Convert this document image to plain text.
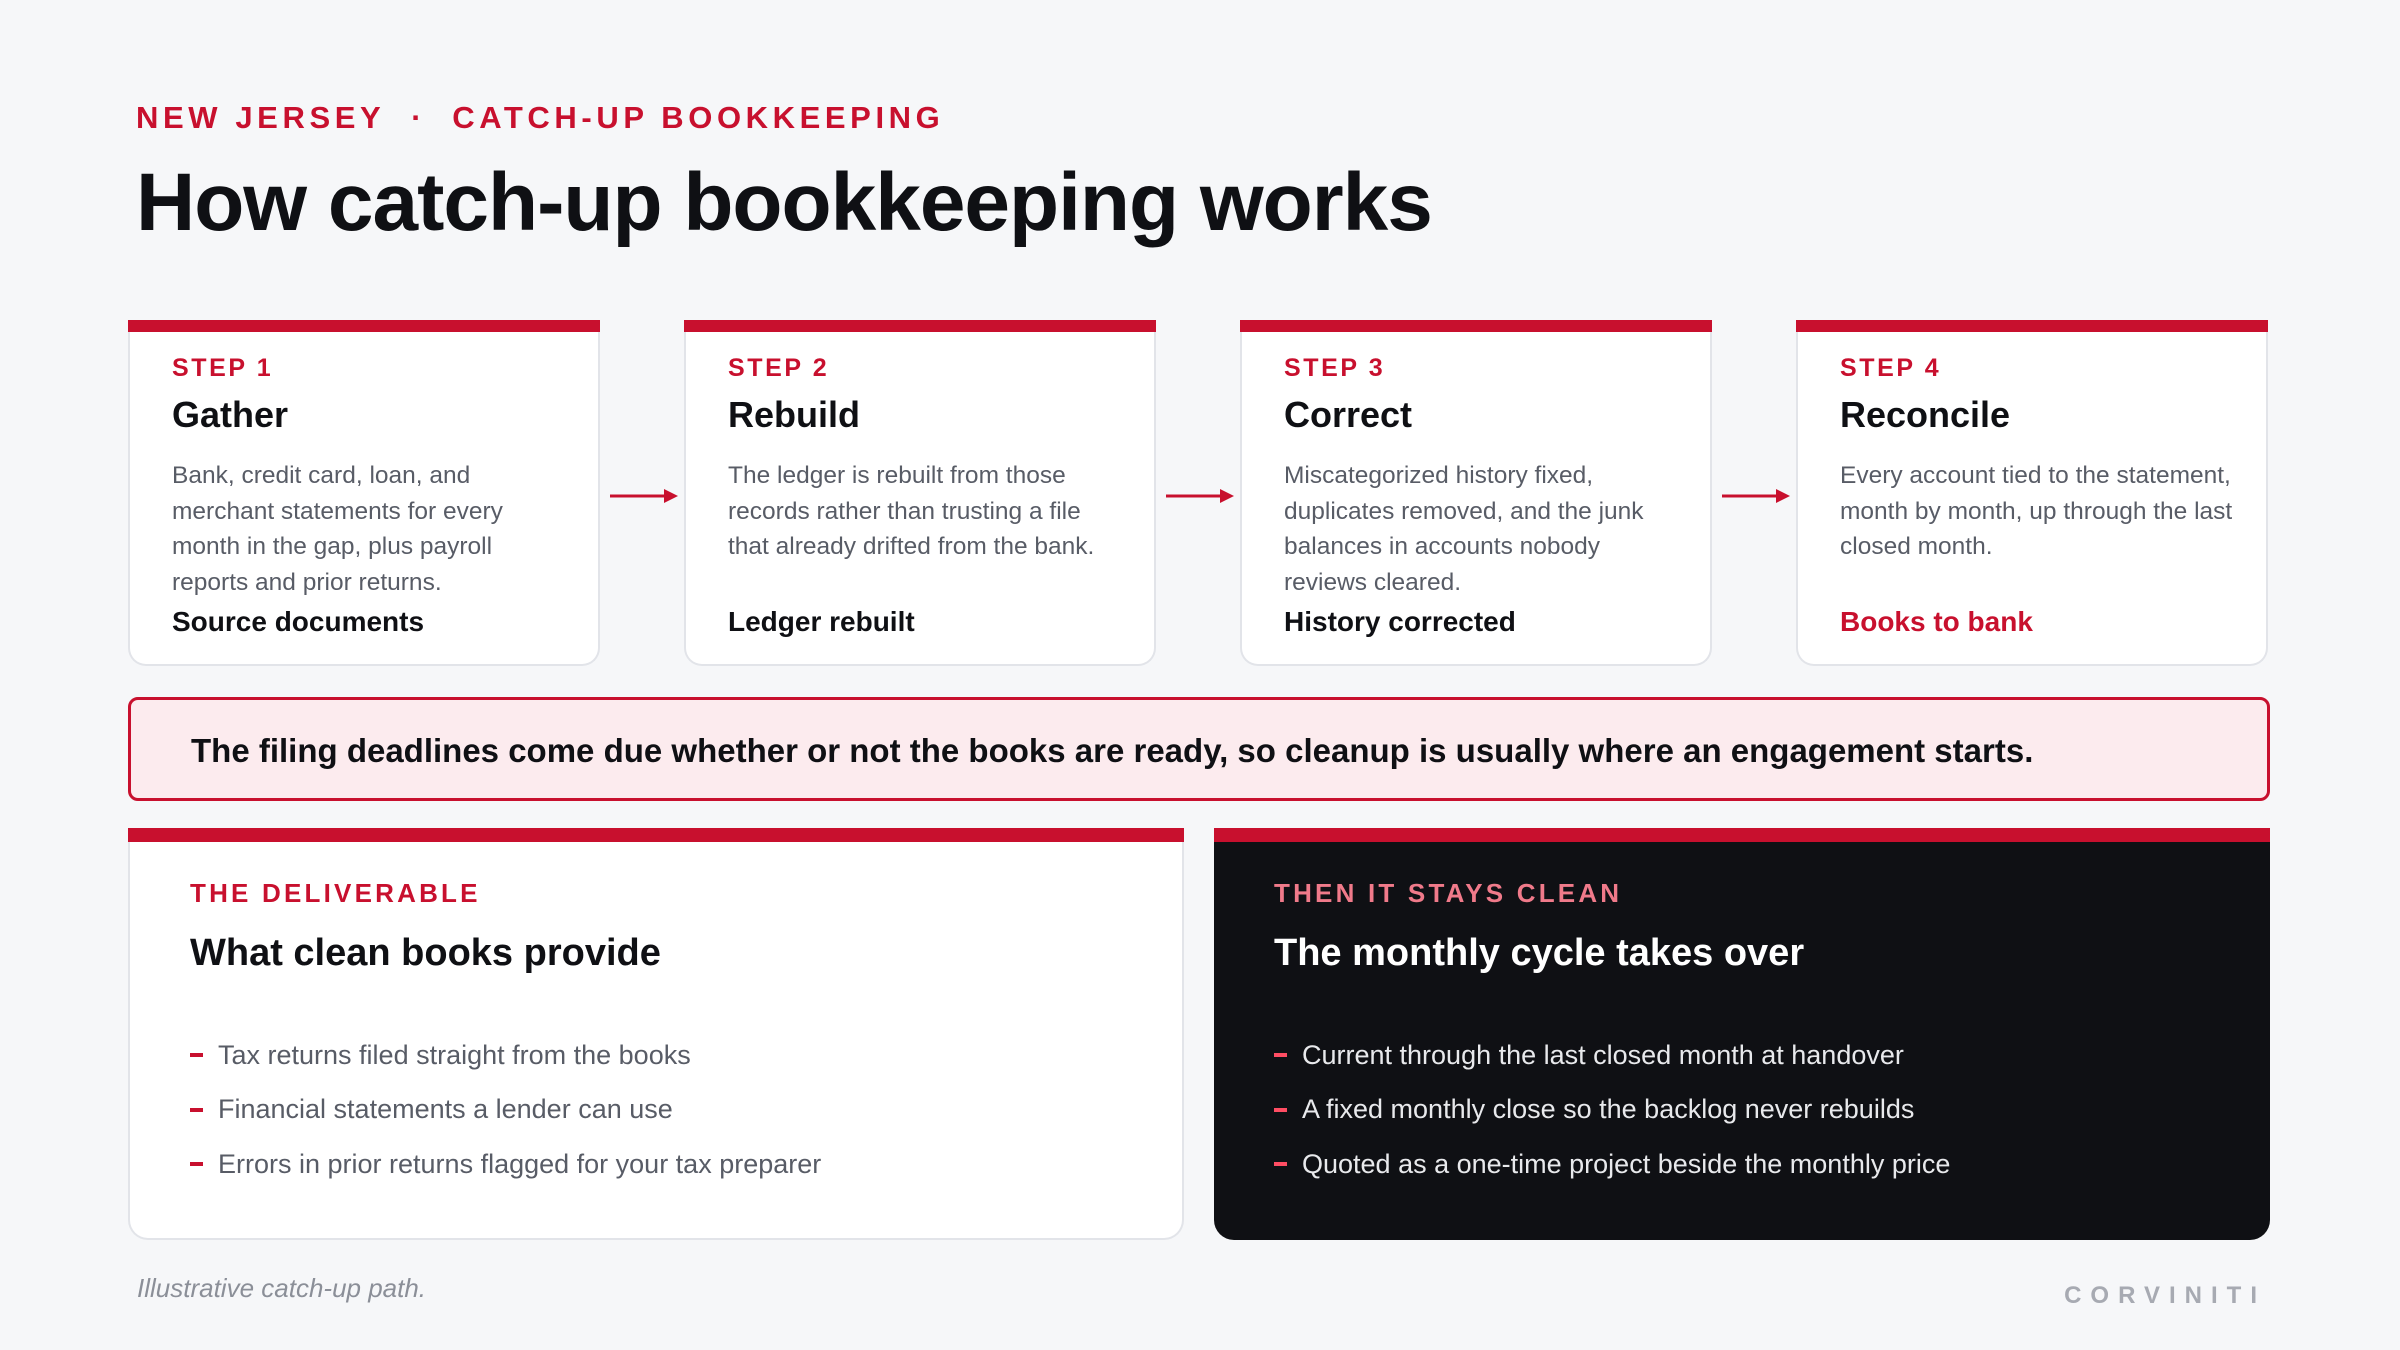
NEW JERSEY · CATCH-UP BOOKKEEPING
How catch-up bookkeeping works
STEP 1
Gather
Bank, credit card, loan, and merchant statements for every month in the gap, plus payroll reports and prior returns.
Source documents
STEP 2
Rebuild
The ledger is rebuilt from those records rather than trusting a file that already drifted from the bank.
Ledger rebuilt
STEP 3
Correct
Miscategorized history fixed, duplicates removed, and the junk balances in accounts nobody reviews cleared.
History corrected
STEP 4
Reconcile
Every account tied to the statement, month by month, up through the last closed month.
Books to bank
The filing deadlines come due whether or not the books are ready, so cleanup is usually where an engagement starts.
THE DELIVERABLE
What clean books provide
Tax returns filed straight from the books
Financial statements a lender can use
Errors in prior returns flagged for your tax preparer
THEN IT STAYS CLEAN
The monthly cycle takes over
Current through the last closed month at handover
A fixed monthly close so the backlog never rebuilds
Quoted as a one-time project beside the monthly price
Illustrative catch-up path.	CORVINITI
